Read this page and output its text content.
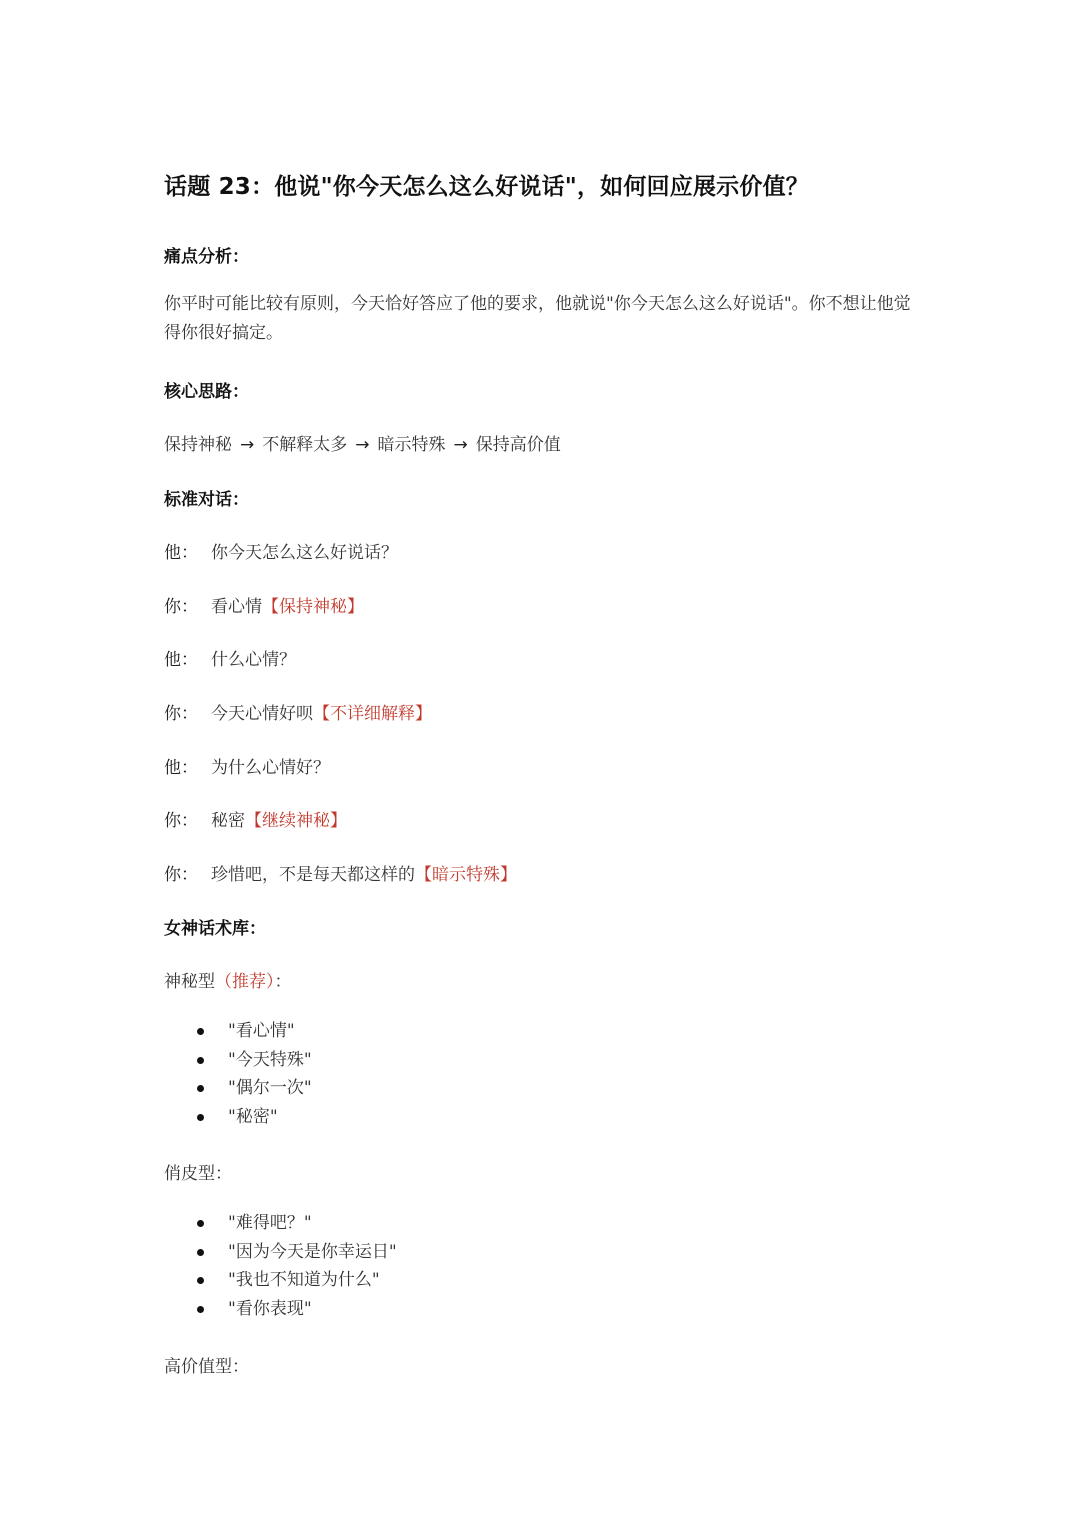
话题 23：他说"你今天怎么这么好说话"，如何回应展示价值？
痛点分析：
你平时可能比较有原则，今天恰好答应了他的要求，他就说"你今天怎么这么好说话"。你不想让他觉得你很好搞定。
核心思路：
保持神秘 → 不解释太多 → 暗示特殊 → 保持高价值
标准对话：
他： 你今天怎么这么好说话？
你： 看心情【保持神秘】
他： 什么心情？
你： 今天心情好呗【不详细解释】
他： 为什么心情好？
你： 秘密【继续神秘】
你： 珍惜吧，不是每天都这样的【暗示特殊】
女神话术库：
神秘型（推荐）：
"看心情"
"今天特殊"
"偶尔一次"
"秘密"
俏皮型：
"难得吧？"
"因为今天是你幸运日"
"我也不知道为什么"
"看你表现"
高价值型：
